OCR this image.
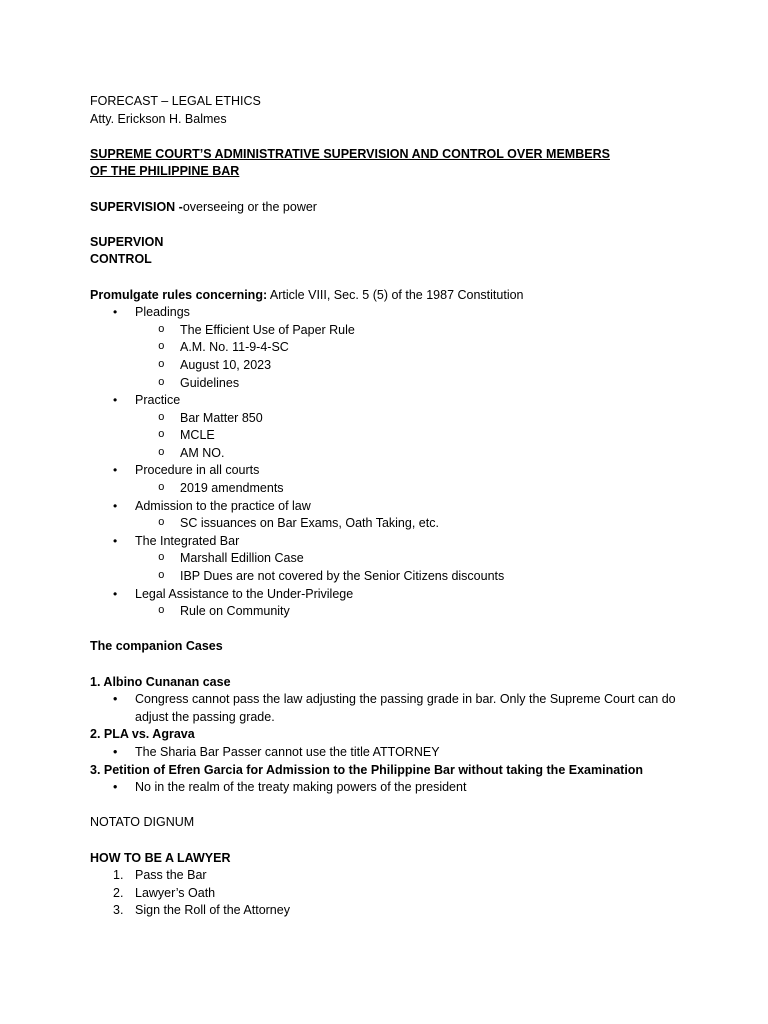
FORECAST – LEGAL ETHICS
Atty. Erickson H. Balmes
SUPREME COURT’S ADMINISTRATIVE SUPERVISION AND CONTROL OVER MEMBERS OF THE PHILIPPINE BAR
SUPERVISION -overseeing or the power
SUPERVION
CONTROL
Promulgate rules concerning: Article VIII, Sec. 5 (5) of the 1987 Constitution
• Pleadings
o The Efficient Use of Paper Rule
o A.M. No. 11-9-4-SC
o August 10, 2023
o Guidelines
• Practice
o Bar Matter 850
o MCLE
o AM NO.
• Procedure in all courts
o 2019 amendments
• Admission to the practice of law
o SC issuances on Bar Exams, Oath Taking, etc.
• The Integrated Bar
o Marshall Edillion Case
o IBP Dues are not covered by the Senior Citizens discounts
• Legal Assistance to the Under-Privilege
o Rule on Community
The companion Cases
1. Albino Cunanan case
• Congress cannot pass the law adjusting the passing grade in bar. Only the Supreme Court can do adjust the passing grade.
2. PLA vs. Agrava
• The Sharia Bar Passer cannot use the title ATTORNEY
3. Petition of Efren Garcia for Admission to the Philippine Bar without taking the Examination
• No in the realm of the treaty making powers of the president
NOTATO DIGNUM
HOW TO BE A LAWYER
1. Pass the Bar
2. Lawyer’s Oath
3. Sign the Roll of the Attorney
